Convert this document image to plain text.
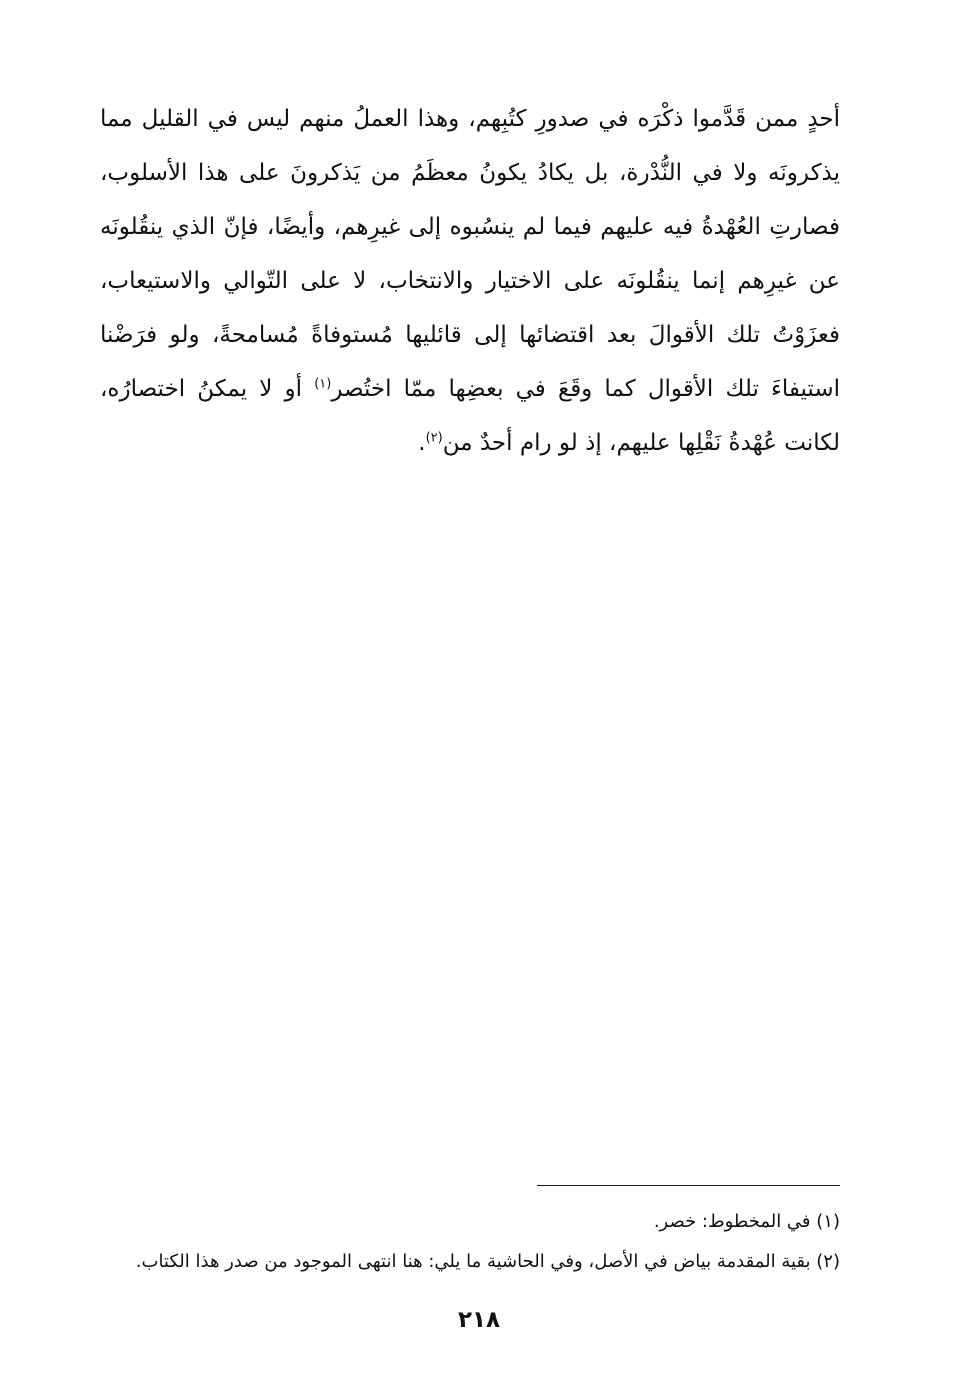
أحدٍ ممن قَدَّموا ذكْرَه في صدورِ كتُبِهم، وهذا العملُ منهم ليس في القليل مما
يذكرونَه ولا في النُّدْرة، بل يكادُ يكونُ معظَمُ من يَذكرونَ على هذا الأسلوب،
فصارتِ العُهْدةُ فيه عليهم فيما لم ينسُبوه إلى غيرِهم، وأيضًا، فإنّ الذي ينقُلونَه
عن غيرِهم إنما ينقُلونَه على الاختيار والانتخاب، لا على التّوالي والاستيعاب،
فعزَوْتُ تلك الأقوالَ بعد اقتضائها إلى قائليها مُستوفاةً مُسامحةً، ولو فرَضْنا
استيفاءَ تلك الأقوال كما وقَعَ في بعضِها ممّا اختُصر$^{(١)}$ أو لا يمكنُ اختصارُه،
لكانت عُهْدةُ نَقْلِها عليهم، إذ لو رام أحدٌ من$^{(٢)}$.
(١) في المخطوط: خصر.
(٢) بقية المقدمة بياض في الأصل، وفي الحاشية ما يلي: هنا انتهى الموجود من صدر هذا الكتاب.
٢١٨
